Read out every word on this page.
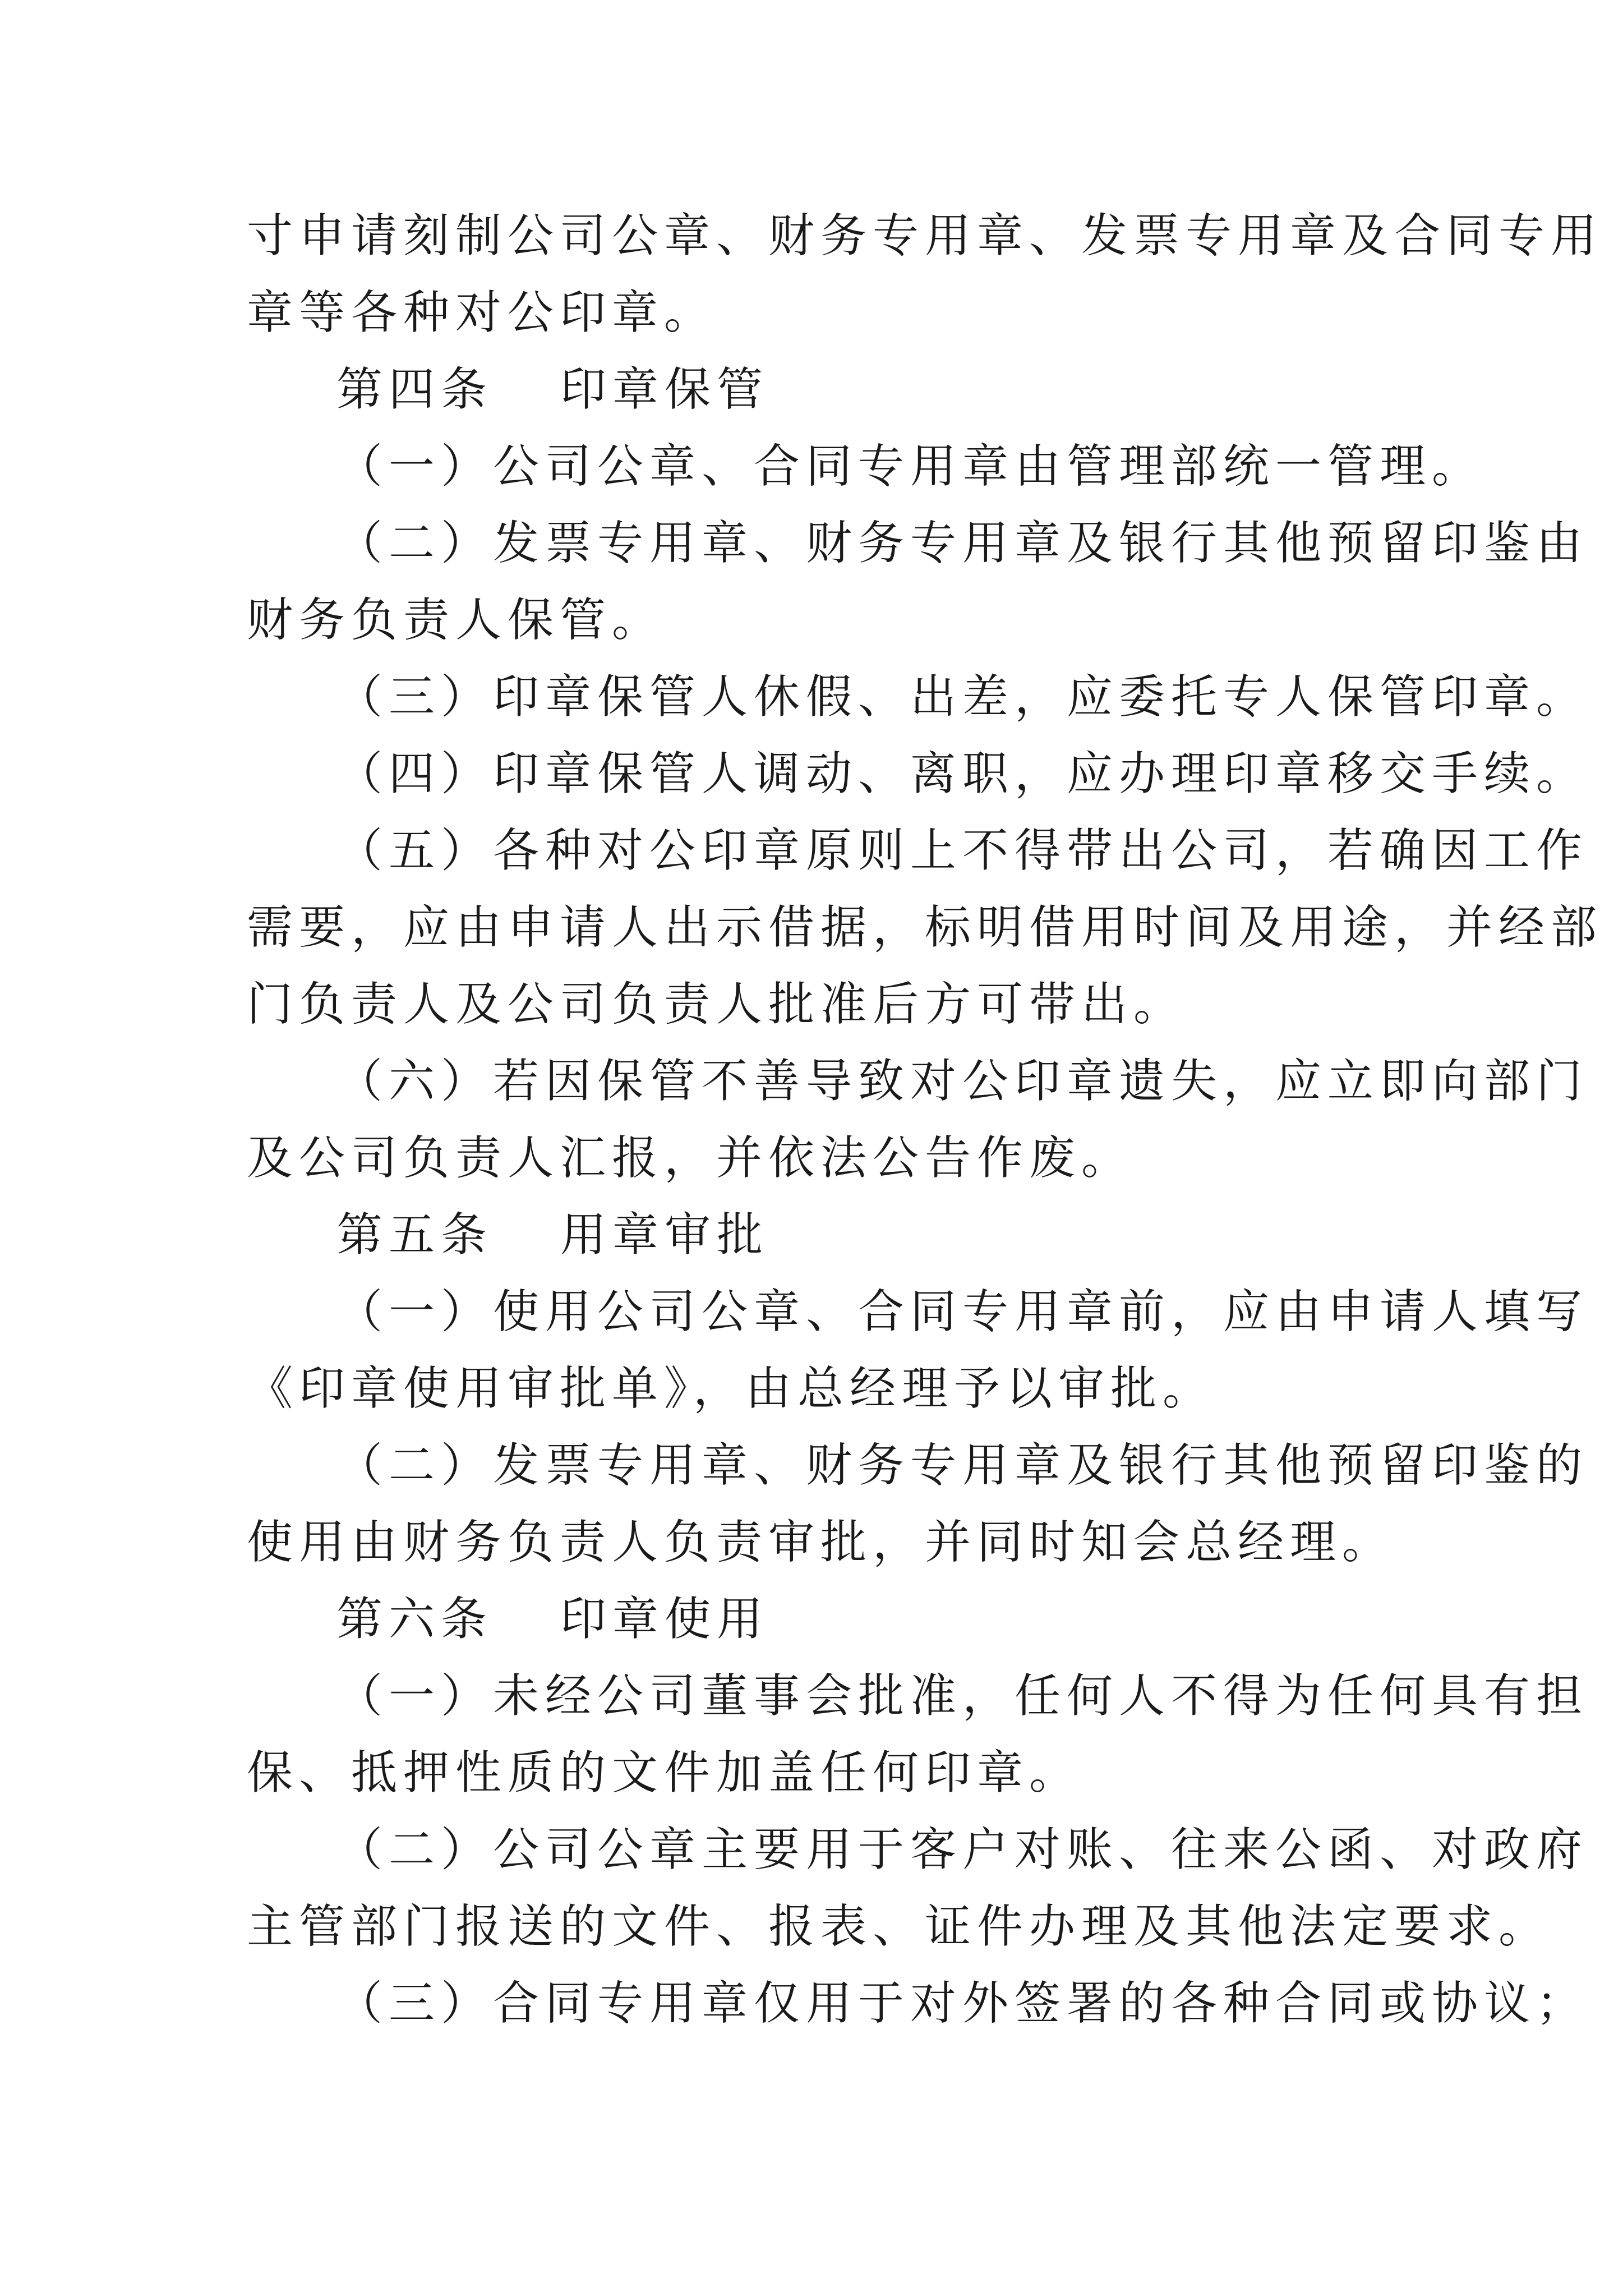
寸申请刻制公司公章、财务专用章、发票专用章及合同专用
章等各种对公印章。
第四条 印章保管
（一）公司公章、合同专用章由管理部统一管理。
（二）发票专用章、财务专用章及银行其他预留印鉴由
财务负责人保管。
（三）印章保管人休假、出差，应委托专人保管印章。
（四）印章保管人调动、离职，应办理印章移交手续。
（五）各种对公印章原则上不得带出公司，若确因工作
需要，应由申请人出示借据，标明借用时间及用途，并经部
门负责人及公司负责人批准后方可带出。
（六）若因保管不善导致对公印章遗失，应立即向部门
及公司负责人汇报，并依法公告作废。
第五条 用章审批
（一）使用公司公章、合同专用章前，应由申请人填写
《印章使用审批单》，由总经理予以审批。
（二）发票专用章、财务专用章及银行其他预留印鉴的
使用由财务负责人负责审批，并同时知会总经理。
第六条 印章使用
（一）未经公司董事会批准，任何人不得为任何具有担
保、抵押性质的文件加盖任何印章。
（二）公司公章主要用于客户对账、往来公函、对政府
主管部门报送的文件、报表、证件办理及其他法定要求。
（三）合同专用章仅用于对外签署的各种合同或协议；
